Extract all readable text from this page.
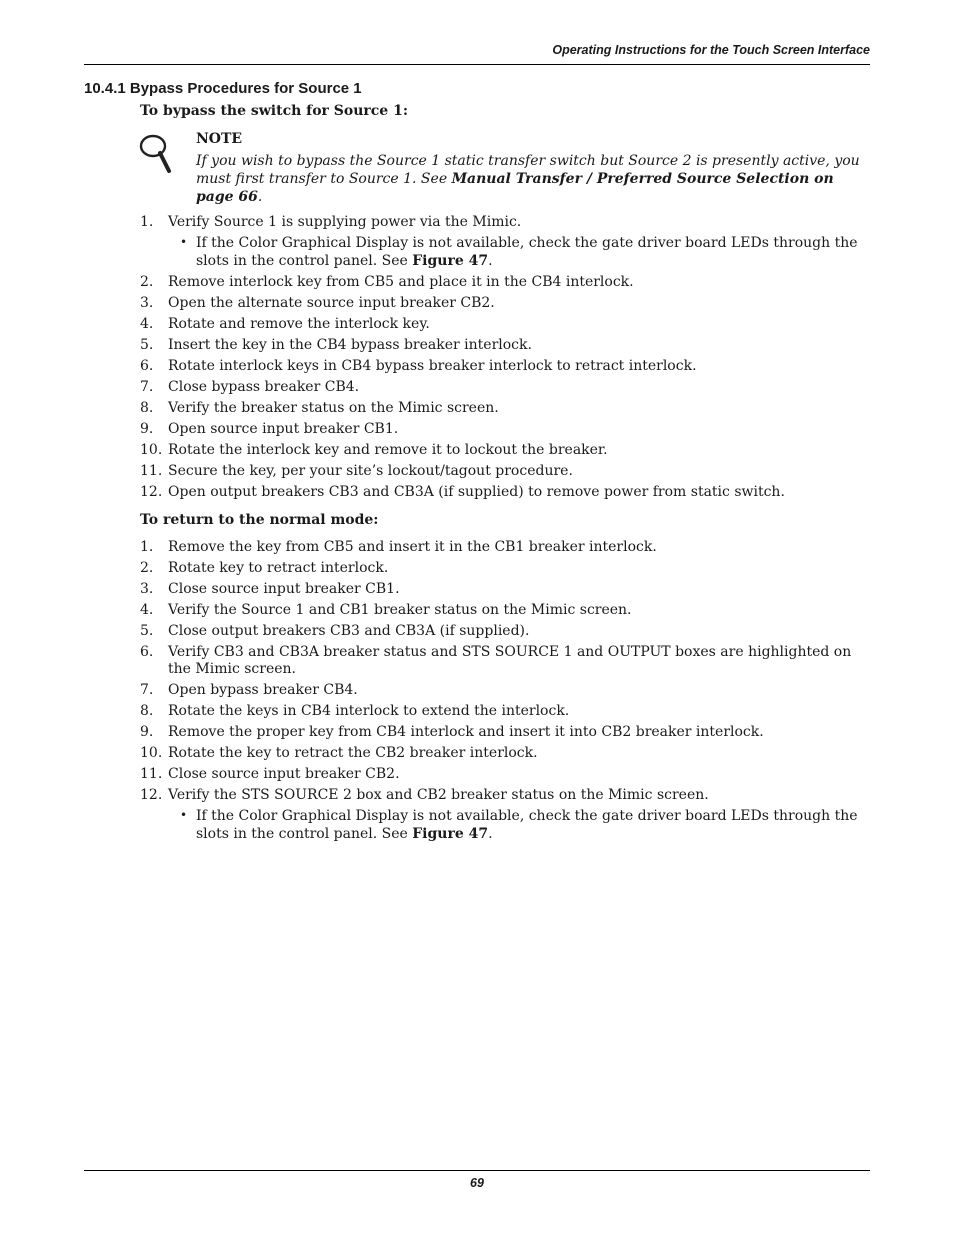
Operating Instructions for the Touch Screen Interface
10.4.1 Bypass Procedures for Source 1

To bypass the switch for Source 1:

NOTE
If you wish to bypass the Source 1 static transfer switch but Source 2 is presently active, you must first transfer to Source 1. See Manual Transfer / Preferred Source Selection on page 66.
1. Verify Source 1 is supplying power via the Mimic.
• If the Color Graphical Display is not available, check the gate driver board LEDs through the slots in the control panel. See Figure 47.
2. Remove interlock key from CB5 and place it in the CB4 interlock.
3. Open the alternate source input breaker CB2.
4. Rotate and remove the interlock key.
5. Insert the key in the CB4 bypass breaker interlock.
6. Rotate interlock keys in CB4 bypass breaker interlock to retract interlock.
7. Close bypass breaker CB4.
8. Verify the breaker status on the Mimic screen.
9. Open source input breaker CB1.
10. Rotate the interlock key and remove it to lockout the breaker.
11. Secure the key, per your site’s lockout/tagout procedure.
12. Open output breakers CB3 and CB3A (if supplied) to remove power from static switch.

To return to the normal mode:

1. Remove the key from CB5 and insert it in the CB1 breaker interlock.
2. Rotate key to retract interlock.
3. Close source input breaker CB1.
4. Verify the Source 1 and CB1 breaker status on the Mimic screen.
5. Close output breakers CB3 and CB3A (if supplied).
6. Verify CB3 and CB3A breaker status and STS SOURCE 1 and OUTPUT boxes are highlighted on the Mimic screen.
7. Open bypass breaker CB4.
8. Rotate the keys in CB4 interlock to extend the interlock.
9. Remove the proper key from CB4 interlock and insert it into CB2 breaker interlock.
10. Rotate the key to retract the CB2 breaker interlock.
11. Close source input breaker CB2.
12. Verify the STS SOURCE 2 box and CB2 breaker status on the Mimic screen.
• If the Color Graphical Display is not available, check the gate driver board LEDs through the slots in the control panel. See Figure 47.
69
